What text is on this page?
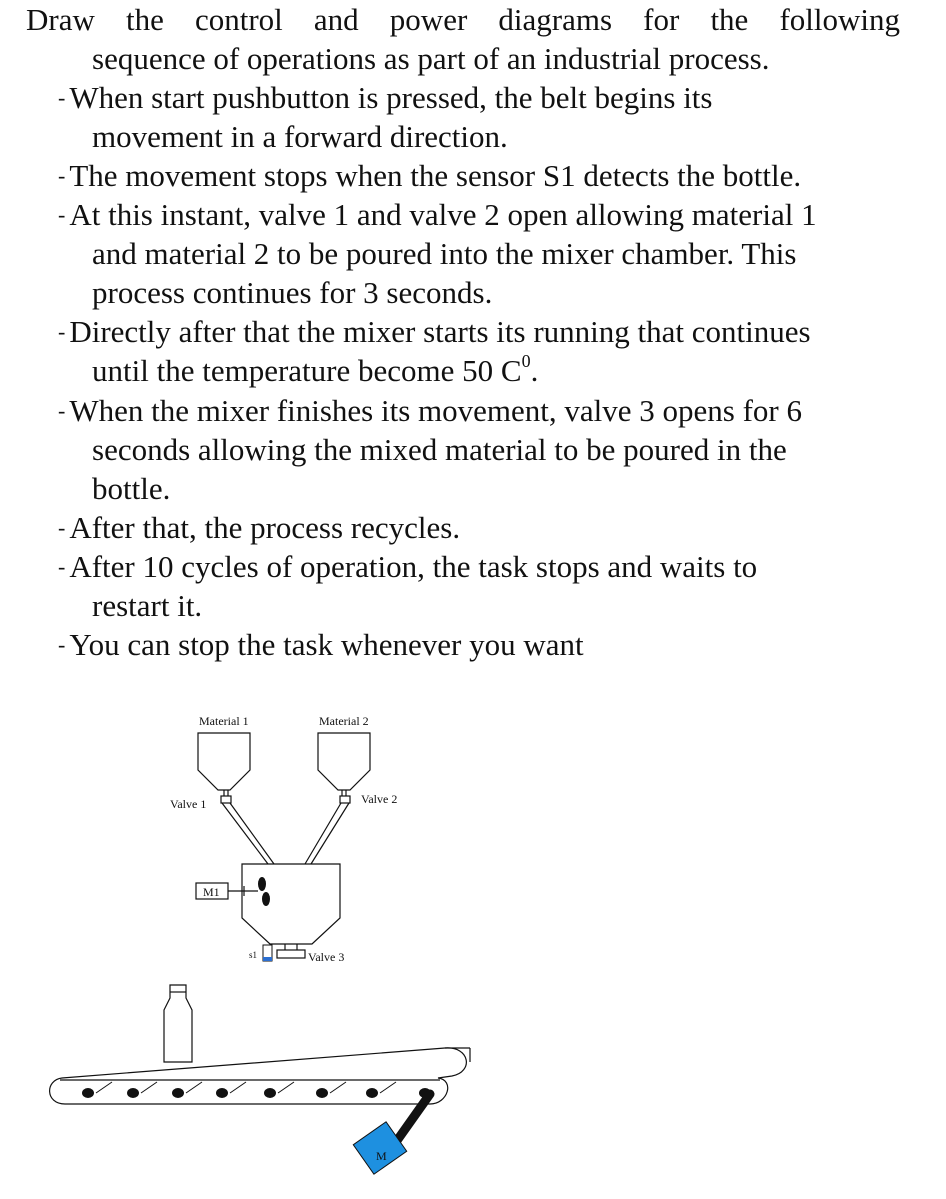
Draw the control and power diagrams for the following
sequence of operations as part of an industrial process.
- When start pushbutton is pressed, the belt begins its
movement in a forward direction.
- The movement stops when the sensor S1 detects the bottle.
- At this instant, valve 1 and valve 2 open allowing material 1
and material 2 to be poured into the mixer chamber. This
process continues for 3 seconds.
- Directly after that the mixer starts its running that continues
until the temperature become 50 $C^0$.
- When the mixer finishes its movement, valve 3 opens for 6
seconds allowing the mixed material to be poured in the
bottle.
- After that, the process recycles.
- After 10 cycles of operation, the task stops and waits to
restart it.
- You can stop the task whenever you want
Material 1	Material 2
Valve 1	Valve 2
Valve 3
M1
s1
M
